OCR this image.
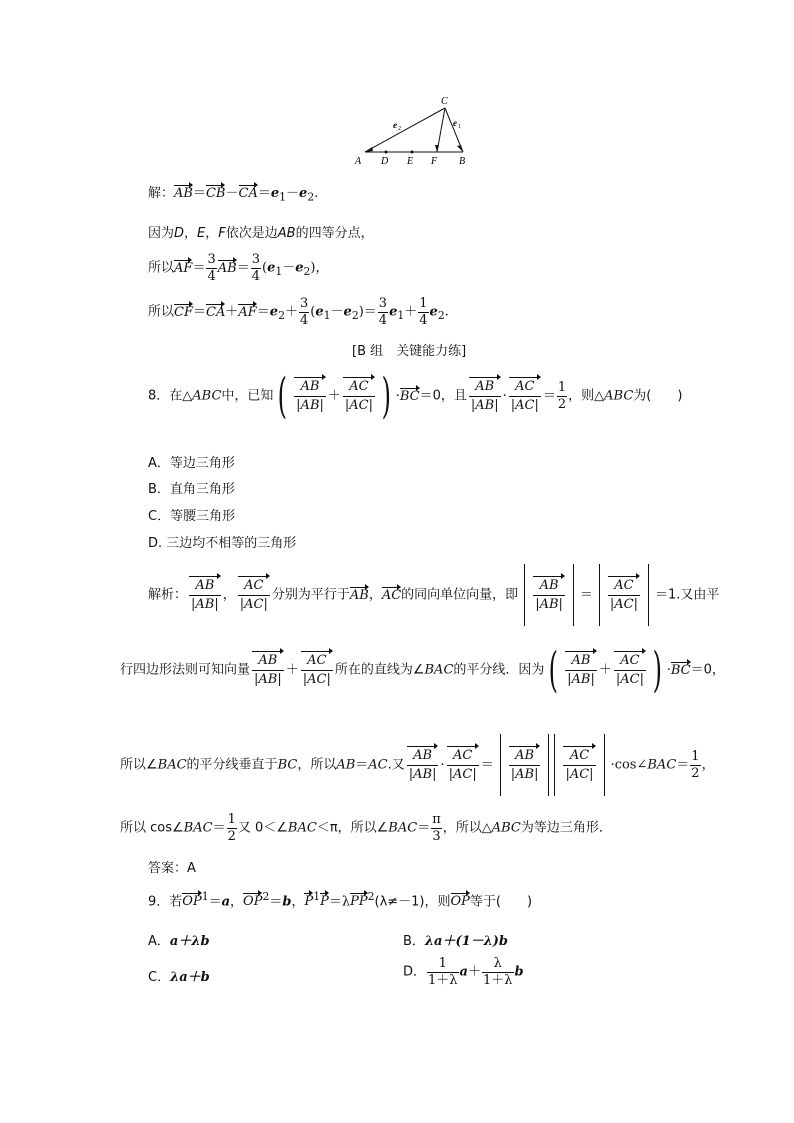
C
A D E F B
e 2
e 1
解：$AB=CB-CA=e_1-e_2$.
因为D，E，F依次是边AB的四等分点，
所以$AF= \frac{3}{4} AB= \frac{3}{4} (e_1-e_2)$，
所以$CF=CA+AF=e_2+ \frac{3}{4} (e_1-e_2)= \frac{3}{4} e_1+ \frac{1}{4} e_2$.
[B 组　关键能力练]
8．在△ABC中，已知( $\frac{AB}{|AB|} + \frac{AC}{|AC|}$ ) ·BC＝0，且 $\frac{AB}{|AB|} \cdot \frac{AC}{|AC|} = \frac{1}{2}$ ，则△ABC为(　　)
A．等边三角形
B．直角三角形
C．等腰三角形
D. 三边均不相等的三角形
解析： $\frac{AB}{|AB|}$ ， $\frac{AC}{|AC|}$ 分别为平行于AB，AC的同向单位向量，即 $\frac{AB}{|AB|} = \frac{AC}{|AC|} =1$.又由平
行四边形法则可知向量 $\frac{AB}{|AB|} + \frac{AC}{|AC|}$ 所在的直线为∠BAC的平分线．因为( $\frac{AB}{|AB|} + \frac{AC}{|AC|}$ ) ·BC＝0，
所以∠BAC的平分线垂直于BC，所以AB＝AC.又 $\frac{AB}{|AB|} \cdot \frac{AC}{|AC|} = \frac{AB}{|AB|} \frac{AC}{|AC|}$ ·cos∠BAC＝ $\frac{1}{2}$ ，
所以 cos∠BAC＝ $\frac{1}{2}$ 又 0＜∠BAC＜π，所以∠BAC＝ $\frac{\pi}{3}$ ，所以△ABC为等边三角形．
答案：A
9．若$OP^1=a$，$OP^2=b$，$P^1P=\lambda PP^2(\lambda\ne-1)$，则OP等于(　　)
A．a＋λb	B．λa＋(1－λ)b
C．λa＋b	D． $\frac{1}{1+\lambda} a+ \frac{\lambda}{1+\lambda}$ b
